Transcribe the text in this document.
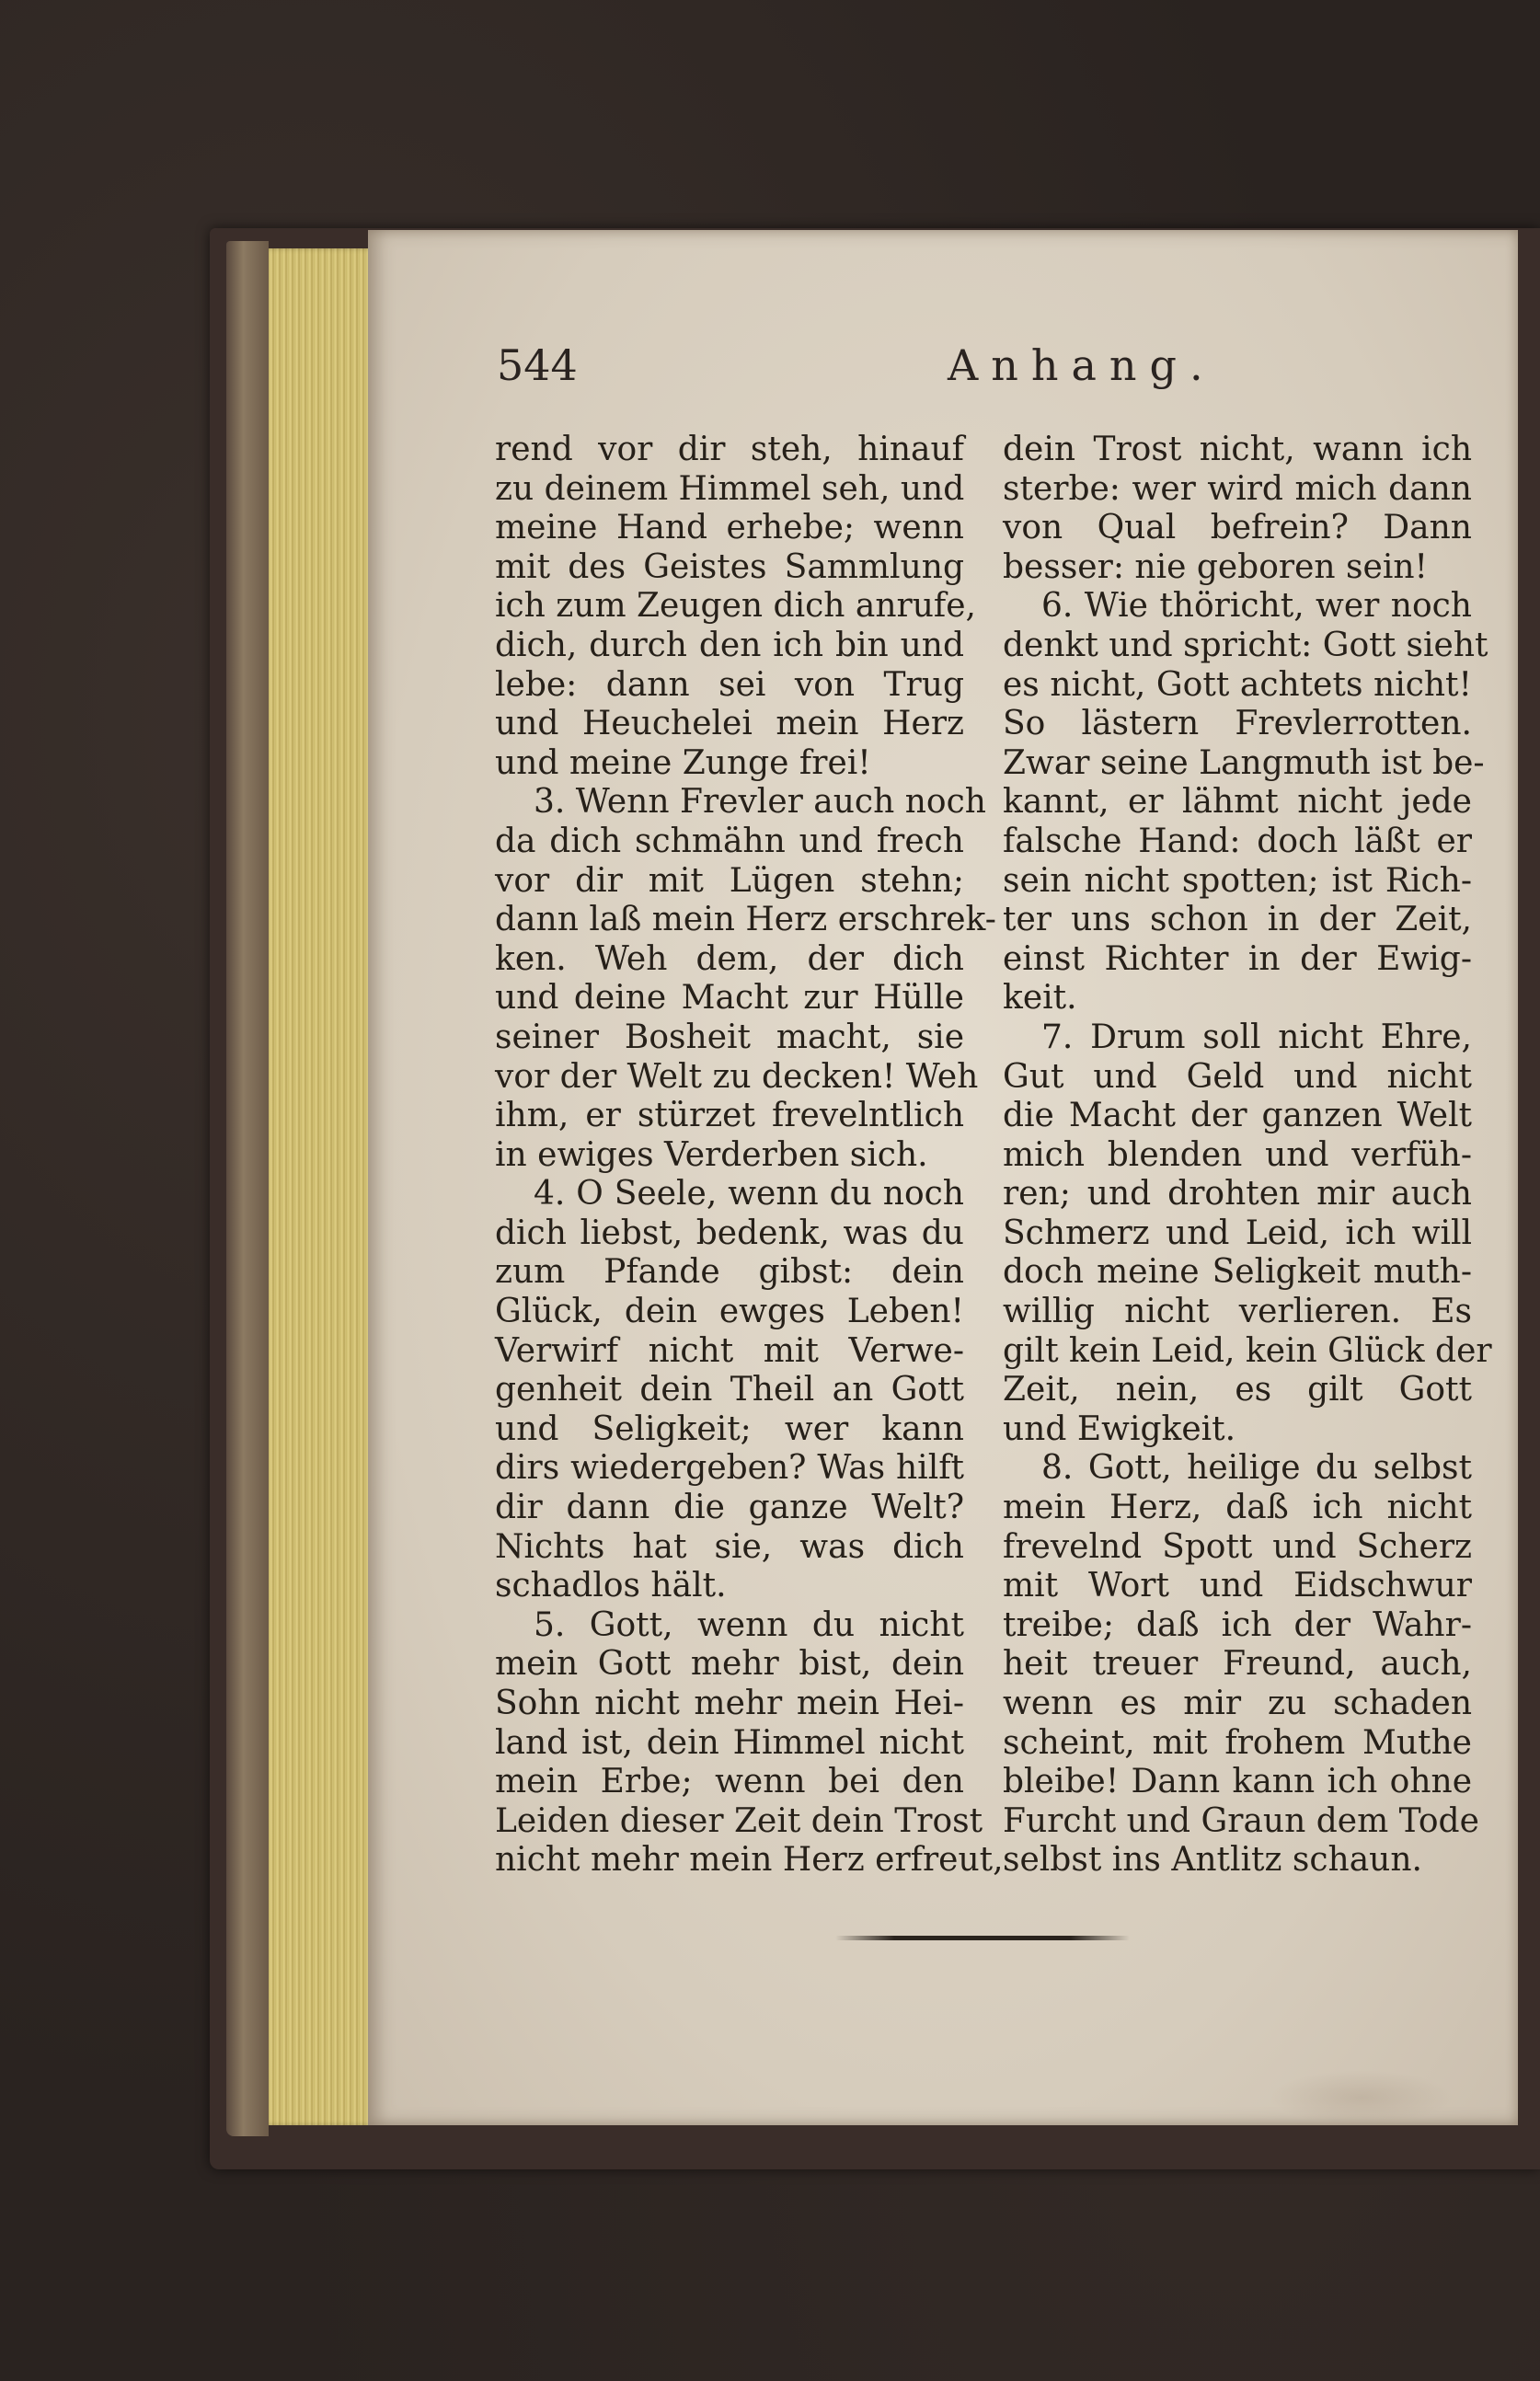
544	Anhang.
rend vor dir steh, hinauf
zu deinem Himmel seh, und
meine Hand erhebe; wenn
mit des Geistes Sammlung
ich zum Zeugen dich anrufe,
dich, durch den ich bin und
lebe: dann sei von Trug
und Heuchelei mein Herz
und meine Zunge frei!
3. Wenn Frevler auch noch
da dich schmähn und frech
vor dir mit Lügen stehn;
dann laß mein Herz erschrek-
ken. Weh dem, der dich
und deine Macht zur Hülle
seiner Bosheit macht, sie
vor der Welt zu decken! Weh
ihm, er stürzet frevelntlich
in ewiges Verderben sich.
4. O Seele, wenn du noch
dich liebst, bedenk, was du
zum Pfande gibst: dein
Glück, dein ewges Leben!
Verwirf nicht mit Verwe-
genheit dein Theil an Gott
und Seligkeit; wer kann
dirs wiedergeben? Was hilft
dir dann die ganze Welt?
Nichts hat sie, was dich
schadlos hält.
5. Gott, wenn du nicht
mein Gott mehr bist, dein
Sohn nicht mehr mein Hei-
land ist, dein Himmel nicht
mein Erbe; wenn bei den
Leiden dieser Zeit dein Trost
nicht mehr mein Herz erfreut,
dein Trost nicht, wann ich
sterbe: wer wird mich dann
von Qual befrein? Dann
besser: nie geboren sein!
6. Wie thöricht, wer noch
denkt und spricht: Gott sieht
es nicht, Gott achtets nicht!
So lästern Frevlerrotten.
Zwar seine Langmuth ist be-
kannt, er lähmt nicht jede
falsche Hand: doch läßt er
sein nicht spotten; ist Rich-
ter uns schon in der Zeit,
einst Richter in der Ewig-
keit.
7. Drum soll nicht Ehre,
Gut und Geld und nicht
die Macht der ganzen Welt
mich blenden und verfüh-
ren; und drohten mir auch
Schmerz und Leid, ich will
doch meine Seligkeit muth-
willig nicht verlieren. Es
gilt kein Leid, kein Glück der
Zeit, nein, es gilt Gott
und Ewigkeit.
8. Gott, heilige du selbst
mein Herz, daß ich nicht
frevelnd Spott und Scherz
mit Wort und Eidschwur
treibe; daß ich der Wahr-
heit treuer Freund, auch,
wenn es mir zu schaden
scheint, mit frohem Muthe
bleibe! Dann kann ich ohne
Furcht und Graun dem Tode
selbst ins Antlitz schaun.
